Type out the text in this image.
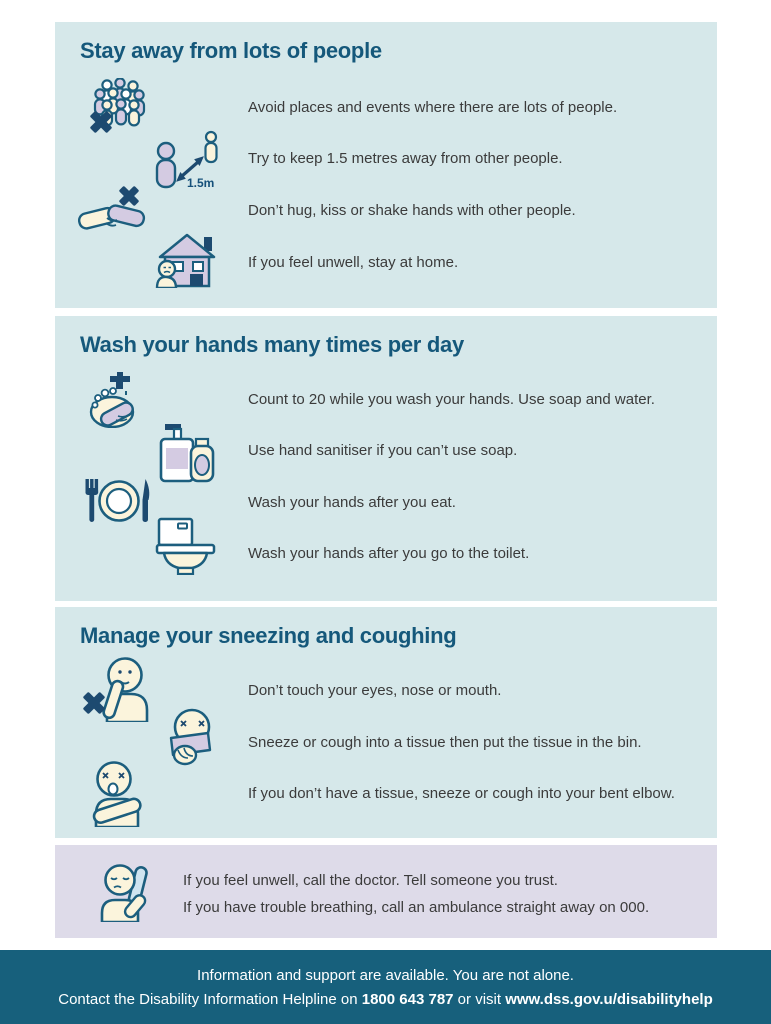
Stay away from lots of people
1.5m

Avoid places and events where there are lots of people.

Try to keep 1.5 metres away from other people.

Don’t hug, kiss or shake hands with other people.

If you feel unwell, stay at home.

Wash your hands many times per day

Count to 20 while you wash your hands. Use soap and water.

Use hand sanitiser if you can’t use soap.

Wash your hands after you eat.

Wash your hands after you go to the toilet.

Manage your sneezing and coughing

Don’t touch your eyes, nose or mouth.

Sneeze or cough into a tissue then put the tissue in the bin.

If you don’t have a tissue, sneeze or cough into your bent elbow.

If you feel unwell, call the doctor. Tell someone you trust.

If you have trouble breathing, call an ambulance straight away on 000.

Information and support are available. You are not alone.
Contact the Disability Information Helpline on 1800 643 787 or visit www.dss.gov.u/disabilityhelp
